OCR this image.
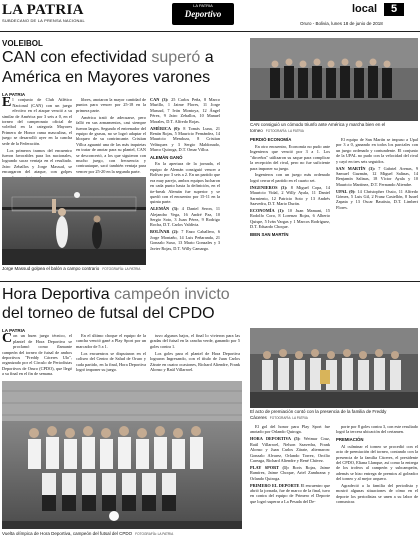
LA PATRIA
SUBDECANO DE LA PRENSA NACIONAL
LA PATRIA
Deportivo	local	5
Oruro - Bolivia, lunes 18 de junio de 2018
VOLEIBOL
CAN con efectividad superó a
América en Mayores varones
LA PATRIA

El conjunto de Club Atlético Nacional (CAN) con un juego efectivo en el ataque venció a su similar de América por 3 sets a 0, en el torneo del campeonato oficial de voleibol en la categoría Mayores Primera de Honor rama masculina, el juego se desarrolló ayer en la cancha sede de la Federación.

Los primeros tramos del encuentro fueron favorables para los nacionales, logrando sacar ventaja en el resultado. Jairo Zeballos y Jorge Massud, se encargaron del ataque, con golpes

libres, anotaron la mayor cantidad de puntos para vencer por 25-18 en la primera parte.

América trató de adecuarse, pero falló en sus armamentos, casi siempre fueron largos. Segundo el entrenador del equipo de grasas, no se logró adaptar el bloqueo de su contrincante. Cristian Villca aguantó una de las más inquietas en tratar de anotar para su plantel, CAN se desconcertó, a los que siguieron con mucho juego, con frecuencia y contraataque, sacó también ventaja para vencer por 25-20 en la segunda parte.

CAN (3): 25 Carlos Peña, 8 Marco Murillo, 1 Jaime Flores, 11 Jorge Massud, 7 Iván Montoya, 12 Ángel Pérez, 9 Jairo Zeballos, 10 Manuel Morales, D.T. Alfredo Rojas.

AMÉRICA (0): 8 Tomás Luna, 21 Renán Rojas, 5 Mauricio Fernández, 14 Mauricio Mendoza, 8 Cristian Velásquez y 3 Sergio Maldonado, Marco Quiroga, D.T. Omar Villca.

ALEMÁN GANÓ

En la apertura de la jornada, el equipo de Alemán consiguió vencer a Bolívar por 3 sets a 2. En un partido que era muy parejo, ambos equipos lucharon en cada punto hasta la definición, en el tie-break Alemán fue superior y se quedó con el encuentro por 15-11 en la quinta parte.

ALEMÁN (3): 4 Daniel Seron, 11 Alejandro Vega, 16 André Paz, 10 Sergio Soto, 3 Juan Pérez, 9 Rodrigo Rocha, D.T. Carlos Valdivia.

BOLÍVAR (2): 7 Enzo Caballero, 6 Jorge Montaño, 14 Luis Peñaranda, 21 Gonzalo Suxo, 13 Mario Gonzales y 3 Javier Rojas, D.T. Willy Camargo.

Jorge Massud golpea el balón a campo contrario FOTOGRAFÍA: LA PATRIA
CAN consiguió un cómodo triunfo ante América y marcha bien en el torneo FOTOGRAFÍA: LA PATRIA

PERDIÓ ECONOMÍA

En otro encuentro, Economía no pudo ante Ingenieros que venció por 3 a 1. Los "dirceños" utilizaron su saque para complicar la recepción del rival, pero no fue suficiente para imponer su juego.

Ingenieros con un juego más ordenado logró cerrar el partido en el cuarto set.

INGENIEROS (3): 8 Miguel Copa, 14 Mauricio Vidal, 2 Willy Ayala, 11 Daniel Sarmiento, 12 Patricio Soto y 13 Andrés Saavedra, D.T. Mario Durán.

ECONOMÍA (1): 10 Juan Mamani, 15 Rodolfo Coro, 8 Lorenzo Rojas, 6 Alberto Quispe, 5 Iván Vargas y 1 Marcos Rodríguez, D.T. Eduardo Choque.

BIEN SAN MARTÍN

El equipo de San Martín se impuso a Upal por 3 a 0, ganando en todos los parciales con un juego ordenado y contundente. El conjunto de la UPAL no pudo con la velocidad del rival y cayó en tres sets seguidos.

SAN MARTÍN (3): 7 Gabriel Arenas, 9 Samuel Guzmán, 12 Miguel Salinas, 14 Benjamín Salinas, 18 Víctor Ayala y 10 Mauricio Martínez, D.T. Fernando Aliendre.

UPAL (0): 14 Christopher Ossio, 11 Alfredo Gómez, 5 Luis Gil, 2 Franz Castellón, 8 Israel Zapata y 13 Oscar Bautista, D.T. Limbert Flores.

Hora Deportiva campeón invicto
del torneo de futsal del CPDO
LA PATRIA

Con un buen juego técnico, el plantel de Hora Deportiva se proclamó como flamante campeón del torneo de futsal de ambos deportivos "Freddy Cáceres Ulo", organizado por el Círculo de Periodistas Deportivos de Oruro (CPDO), que llegó a su final en el fin de semana.

En el último choque el equipo de la cancha venció gané a Play Sport por un marcador de 5 a 1.

Los encuentros se disputaron en el coliseo del Centro de Salud de Oruro y cada partido, en la final, Hora Deportiva logró imponer su juego.

tuvo algunos bajos, el final lo vivieron para las gradas del futsal en la cancha verde, ganando por 5 goles contra 1.

Los goles para el plantel de Hora Deportiva lograron Ingresando, con el título de Juan Carlos Zárate en cuatro ocasiones, Richard Aliendre, Frank Alonso y Raúl Villarroel.

Vuelta olímpica de Hora Deportiva, campeón del futsal del CPDO FOTOGRAFÍA: LA PATRIA
El acto de premiación contó con la presencia de la familia de Freddy Cáceres FOTOGRAFÍA: LA PATRIA

El gol del honor para Play Sport fue anotado por Orlando Quiroga.

HORA DEPORTIVA (5): Weimar Cruz, Raúl Villarroel, Nelson Saavedra, Frank Alonso y Juan Carlos Zárate, alternaron: Gonzalo Alvarez, Orlando Torrez, Orcilio Careaga, Richard Aliendre y René Chávez.

PLAY SPORT (1): Boris Rojas, Jaime Ramírez, Jaime Choque, Ariel Zambrana y Orlando Quiroga.

PRIMERO EL DEPORTE El encuentro que abrió la jornada, fue de marco de la final, tuvo en contra del equipo de Primero el Deporte que logró superar a La Pesada del De-

porte por 8 goles contra 3, con este resultado logró la tercera ubicación del certamen.

PREMIACIÓN

Al culminar el torneo se procedió con el acto de premiación del torneo, contando con la presencia de la familia Cáceres, el presidente del CPDO, Eliana Llanque, así como la entrega de los trofeos al campeón y subcampeón, además se hizo entrega de premios al goleador del torneo y al mejor arquero.

Agradeció a la familia del periodista y mostró algunas situaciones de cómo en el deporte los periodistas se unen a su labor de comunicar.
